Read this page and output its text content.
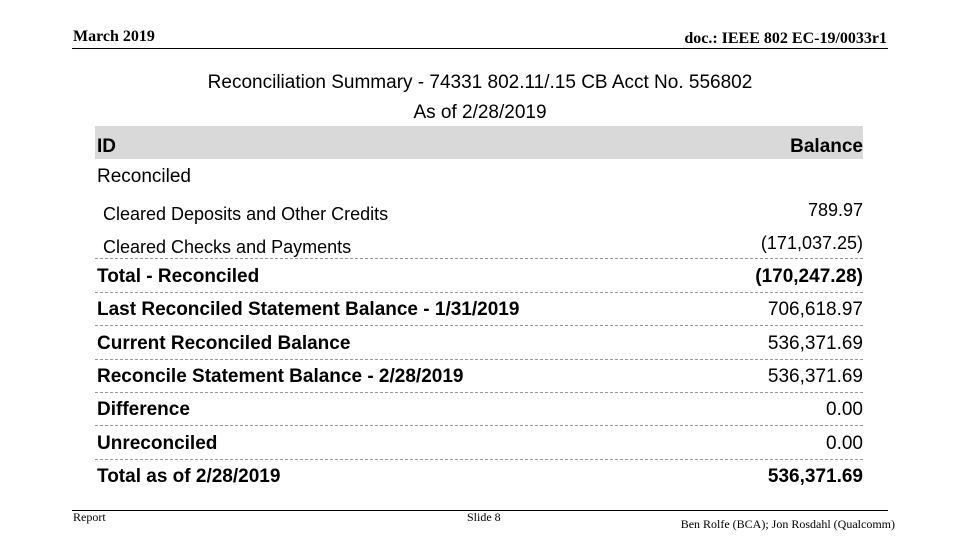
March 2019	doc.: IEEE 802 EC-19/0033r1
Reconciliation Summary - 74331 802.11/.15 CB Acct No. 556802
As of 2/28/2019
ID	Balance
Reconciled
Cleared Deposits and Other Credits	789.97
Cleared Checks and Payments	(171,037.25)
Total - Reconciled	(170,247.28)
Last Reconciled Statement Balance - 1/31/2019	706,618.97
Current Reconciled Balance	536,371.69
Reconcile Statement Balance - 2/28/2019	536,371.69
Difference	0.00
Unreconciled	0.00
Total as of 2/28/2019	536,371.69
Report	Slide 8	Ben Rolfe (BCA); Jon Rosdahl (Qualcomm)
